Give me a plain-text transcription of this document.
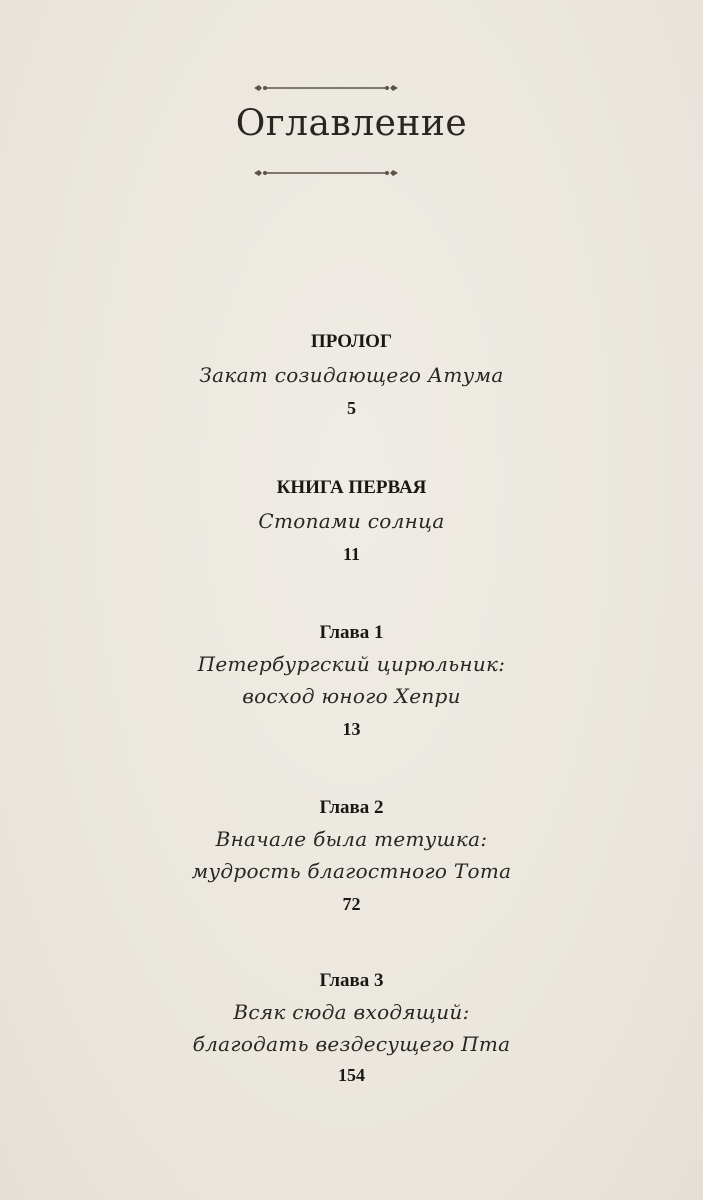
Оглавление
ПРОЛОГ
Закат созидающего Атума
5
КНИГА ПЕРВАЯ
Стопами солнца
11
Глава 1
Петербургский цирюльник:
восход юного Хепри
13
Глава 2
Вначале была тетушка:
мудрость благостного Тота
72
Глава 3
Всяк сюда входящий:
благодать вездесущего Пта
154
